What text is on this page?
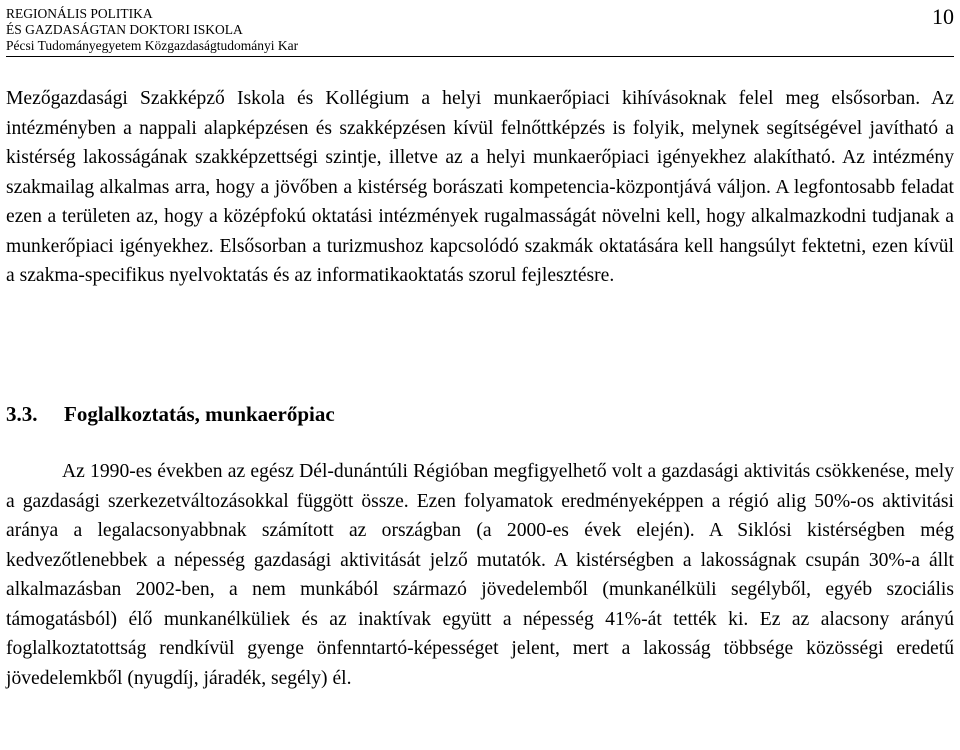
REGIONÁLIS POLITIKA
ÉS GAZDASÁGTAN DOKTORI ISKOLA
Pécsi Tudományegyetem Közgazdaságtudományi Kar
10

Mezőgazdasági Szakképző Iskola és Kollégium a helyi munkaerőpiaci kihívásoknak felel meg elsősorban. Az intézményben a nappali alapképzésen és szakképzésen kívül felnőttképzés is folyik, melynek segítségével javítható a kistérség lakosságának szakképzettségi szintje, illetve az a helyi munkaerőpiaci igényekhez alakítható. Az intézmény szakmailag alkalmas arra, hogy a jövőben a kistérség borászati kompetencia-központjává váljon. A legfontosabb feladat ezen a területen az, hogy a középfokú oktatási intézmények rugalmasságát növelni kell, hogy alkalmazkodni tudjanak a munkerőpiaci igényekhez. Elsősorban a turizmushoz kapcsolódó szakmák oktatására kell hangsúlyt fektetni, ezen kívül a szakma-specifikus nyelvoktatás és az informatikaoktatás szorul fejlesztésre.

3.3. Foglalkoztatás, munkaerőpiac

Az 1990-es években az egész Dél-dunántúli Régióban megfigyelhető volt a gazdasági aktivitás csökkenése, mely a gazdasági szerkezetváltozásokkal függött össze. Ezen folyamatok eredményeképpen a régió alig 50%-os aktivitási aránya a legalacsonyabbnak számított az országban (a 2000-es évek elején). A Siklósi kistérségben még kedvezőtlenebbek a népesség gazdasági aktivitását jelző mutatók. A kistérségben a lakosságnak csupán 30%-a állt alkalmazásban 2002-ben, a nem munkából származó jövedelemből (munkanélküli segélyből, egyéb szociális támogatásból) élő munkanélküliek és az inaktívak együtt a népesség 41%-át tették ki. Ez az alacsony arányú foglalkoztatottság rendkívül gyenge önfenntartó-képességet jelent, mert a lakosság többsége közösségi eredetű jövedelemkből (nyugdíj, járadék, segély) él.
